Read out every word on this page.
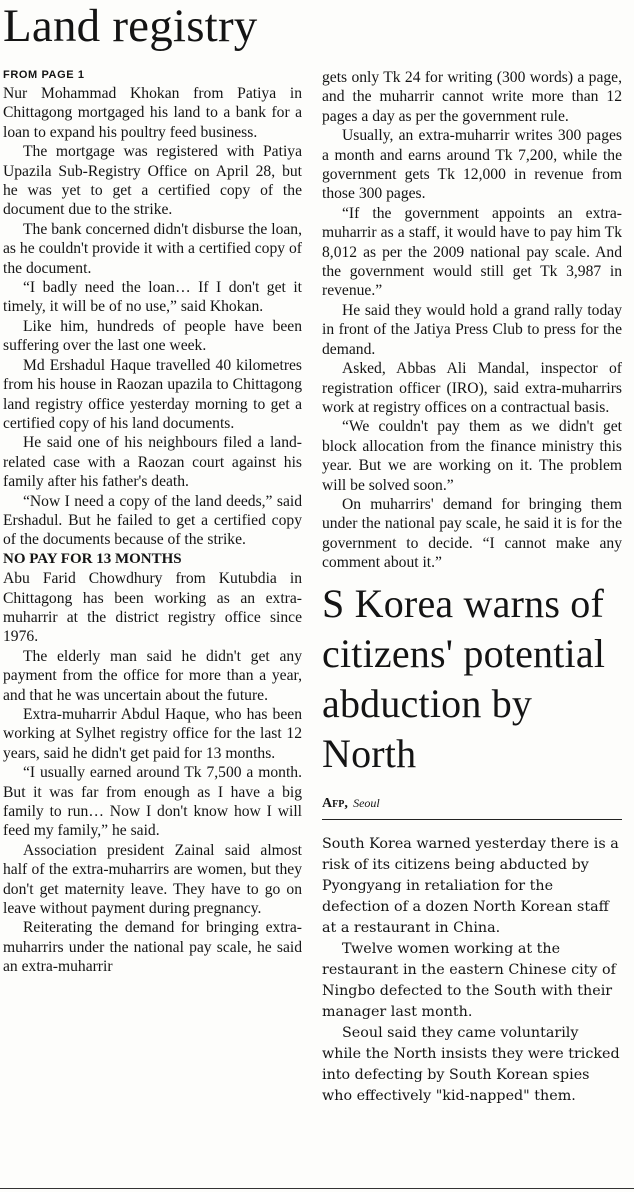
Land registry
FROM PAGE 1

Nur Mohammad Khokan from Patiya in Chittagong mortgaged his land to a bank for a loan to expand his poultry feed business.

The mortgage was registered with Patiya Upazila Sub-Registry Office on April 28, but he was yet to get a certified copy of the document due to the strike.

The bank concerned didn't disburse the loan, as he couldn't provide it with a certified copy of the document.

“I badly need the loan… If I don't get it timely, it will be of no use,” said Khokan.

Like him, hundreds of people have been suffering over the last one week.

Md Ershadul Haque travelled 40 kilometres from his house in Raozan upazila to Chittagong land registry office yesterday morning to get a certified copy of his land documents.

He said one of his neighbours filed a land-related case with a Raozan court against his family after his father's death.

“Now I need a copy of the land deeds,” said Ershadul. But he failed to get a certified copy of the documents because of the strike.

NO PAY FOR 13 MONTHS

Abu Farid Chowdhury from Kutubdia in Chittagong has been working as an extra-muharrir at the district registry office since 1976.

The elderly man said he didn't get any payment from the office for more than a year, and that he was uncertain about the future.

Extra-muharrir Abdul Haque, who has been working at Sylhet registry office for the last 12 years, said he didn't get paid for 13 months.

“I usually earned around Tk 7,500 a month. But it was far from enough as I have a big family to run… Now I don't know how I will feed my family,” he said.

Association president Zainal said almost half of the extra-muharrirs are women, but they don't get maternity leave. They have to go on leave without payment during pregnancy.

Reiterating the demand for bringing extra-muharrirs under the national pay scale, he said an extra-muharrir

gets only Tk 24 for writing (300 words) a page, and the muharrir cannot write more than 12 pages a day as per the government rule.

Usually, an extra-muharrir writes 300 pages a month and earns around Tk 7,200, while the government gets Tk 12,000 in revenue from those 300 pages.

“If the government appoints an extra-muharrir as a staff, it would have to pay him Tk 8,012 as per the 2009 national pay scale. And the government would still get Tk 3,987 in revenue.”

He said they would hold a grand rally today in front of the Jatiya Press Club to press for the demand.

Asked, Abbas Ali Mandal, inspector of registration officer (IRO), said extra-muharrirs work at registry offices on a contractual basis.

“We couldn't pay them as we didn't get block allocation from the finance ministry this year. But we are working on it. The problem will be solved soon.”

On muharrirs' demand for bringing them under the national pay scale, he said it is for the government to decide. “I cannot make any comment about it.”

S Korea warns of citizens' potential abduction by North
Afp, Seoul

South Korea warned yesterday there is a risk of its citizens being abducted by Pyongyang in retaliation for the defection of a dozen North Korean staff at a restaurant in China.

Twelve women working at the restaurant in the eastern Chinese city of Ningbo defected to the South with their manager last month.

Seoul said they came voluntarily while the North insists they were tricked into defecting by South Korean spies who effectively "kid-napped" them.
